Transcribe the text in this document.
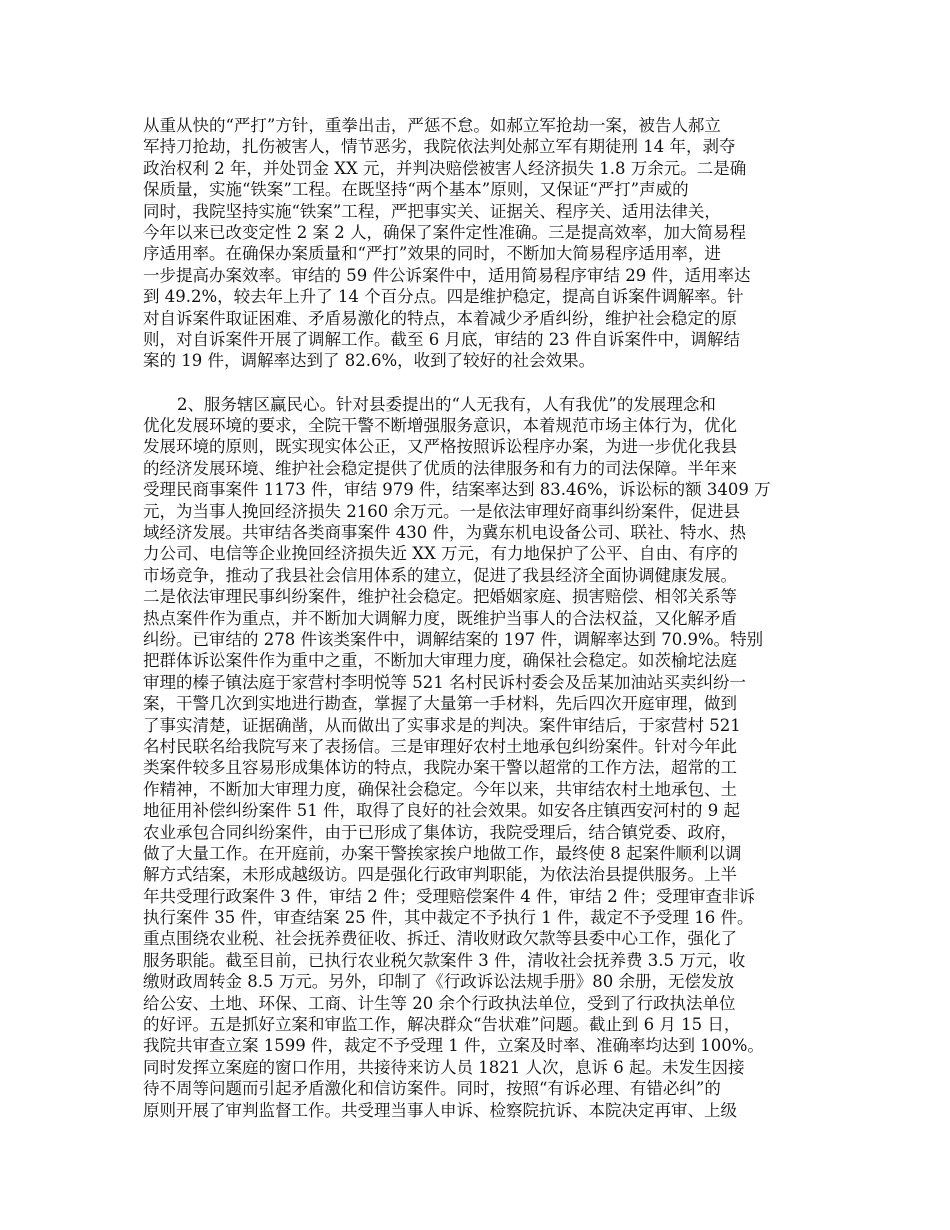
从重从快的“严打”方针，重拳出击，严惩不怠。如郝立军抢劫一案，被告人郝立
军持刀抢劫，扎伤被害人，情节恶劣，我院依法判处郝立军有期徒刑 14 年，剥夺
政治权利 2 年，并处罚金 XX 元，并判决赔偿被害人经济损失 1.8 万余元。二是确
保质量，实施“铁案”工程。在既坚持“两个基本”原则，又保证“严打”声威的
同时，我院坚持实施“铁案”工程，严把事实关、证据关、程序关、适用法律关，
今年以来已改变定性 2 案 2 人，确保了案件定性准确。三是提高效率，加大简易程
序适用率。在确保办案质量和“严打”效果的同时，不断加大简易程序适用率，进
一步提高办案效率。审结的 59 件公诉案件中，适用简易程序审结 29 件，适用率达
到 49.2%，较去年上升了 14 个百分点。四是维护稳定，提高自诉案件调解率。针
对自诉案件取证困难、矛盾易激化的特点，本着减少矛盾纠纷，维护社会稳定的原
则，对自诉案件开展了调解工作。截至 6 月底，审结的 23 件自诉案件中，调解结
案的 19 件，调解率达到了 82.6%，收到了较好的社会效果。
2、服务辖区赢民心。针对县委提出的“人无我有，人有我优”的发展理念和
优化发展环境的要求，全院干警不断增强服务意识，本着规范市场主体行为，优化
发展环境的原则，既实现实体公正，又严格按照诉讼程序办案，为进一步优化我县
的经济发展环境、维护社会稳定提供了优质的法律服务和有力的司法保障。半年来
受理民商事案件 1173 件，审结 979 件，结案率达到 83.46%，诉讼标的额 3409 万
元，为当事人挽回经济损失 2160 余万元。一是依法审理好商事纠纷案件，促进县
域经济发展。共审结各类商事案件 430 件，为冀东机电设备公司、联社、特水、热
力公司、电信等企业挽回经济损失近 XX 万元，有力地保护了公平、自由、有序的
市场竞争，推动了我县社会信用体系的建立，促进了我县经济全面协调健康发展。
二是依法审理民事纠纷案件，维护社会稳定。把婚姻家庭、损害赔偿、相邻关系等
热点案件作为重点，并不断加大调解力度，既维护当事人的合法权益，又化解矛盾
纠纷。已审结的 278 件该类案件中，调解结案的 197 件，调解率达到 70.9%。特别
把群体诉讼案件作为重中之重，不断加大审理力度，确保社会稳定。如茨榆坨法庭
审理的榛子镇法庭于家营村李明悦等 521 名村民诉村委会及岳某加油站买卖纠纷一
案，干警几次到实地进行勘查，掌握了大量第一手材料，先后四次开庭审理，做到
了事实清楚，证据确凿，从而做出了实事求是的判决。案件审结后，于家营村 521
名村民联名给我院写来了表扬信。三是审理好农村土地承包纠纷案件。针对今年此
类案件较多且容易形成集体访的特点，我院办案干警以超常的工作方法，超常的工
作精神，不断加大审理力度，确保社会稳定。今年以来，共审结农村土地承包、土
地征用补偿纠纷案件 51 件，取得了良好的社会效果。如安各庄镇西安河村的 9 起
农业承包合同纠纷案件，由于已形成了集体访，我院受理后，结合镇党委、政府，
做了大量工作。在开庭前，办案干警挨家挨户地做工作，最终使 8 起案件顺利以调
解方式结案，未形成越级访。四是强化行政审判职能，为依法治县提供服务。上半
年共受理行政案件 3 件，审结 2 件；受理赔偿案件 4 件，审结 2 件；受理审查非诉
执行案件 35 件，审查结案 25 件，其中裁定不予执行 1 件，裁定不予受理 16 件。
重点围绕农业税、社会抚养费征收、拆迁、清收财政欠款等县委中心工作，强化了
服务职能。截至目前，已执行农业税欠款案件 3 件，清收社会抚养费 3.5 万元，收
缴财政周转金 8.5 万元。另外，印制了《行政诉讼法规手册》80 余册，无偿发放
给公安、土地、环保、工商、计生等 20 余个行政执法单位，受到了行政执法单位
的好评。五是抓好立案和审监工作，解决群众“告状难”问题。截止到 6 月 15 日，
我院共审查立案 1599 件，裁定不予受理 1 件，立案及时率、准确率均达到 100%。
同时发挥立案庭的窗口作用，共接待来访人员 1821 人次，息诉 6 起。未发生因接
待不周等问题而引起矛盾激化和信访案件。同时，按照“有诉必理、有错必纠”的
原则开展了审判监督工作。共受理当事人申诉、检察院抗诉、本院决定再审、上级
